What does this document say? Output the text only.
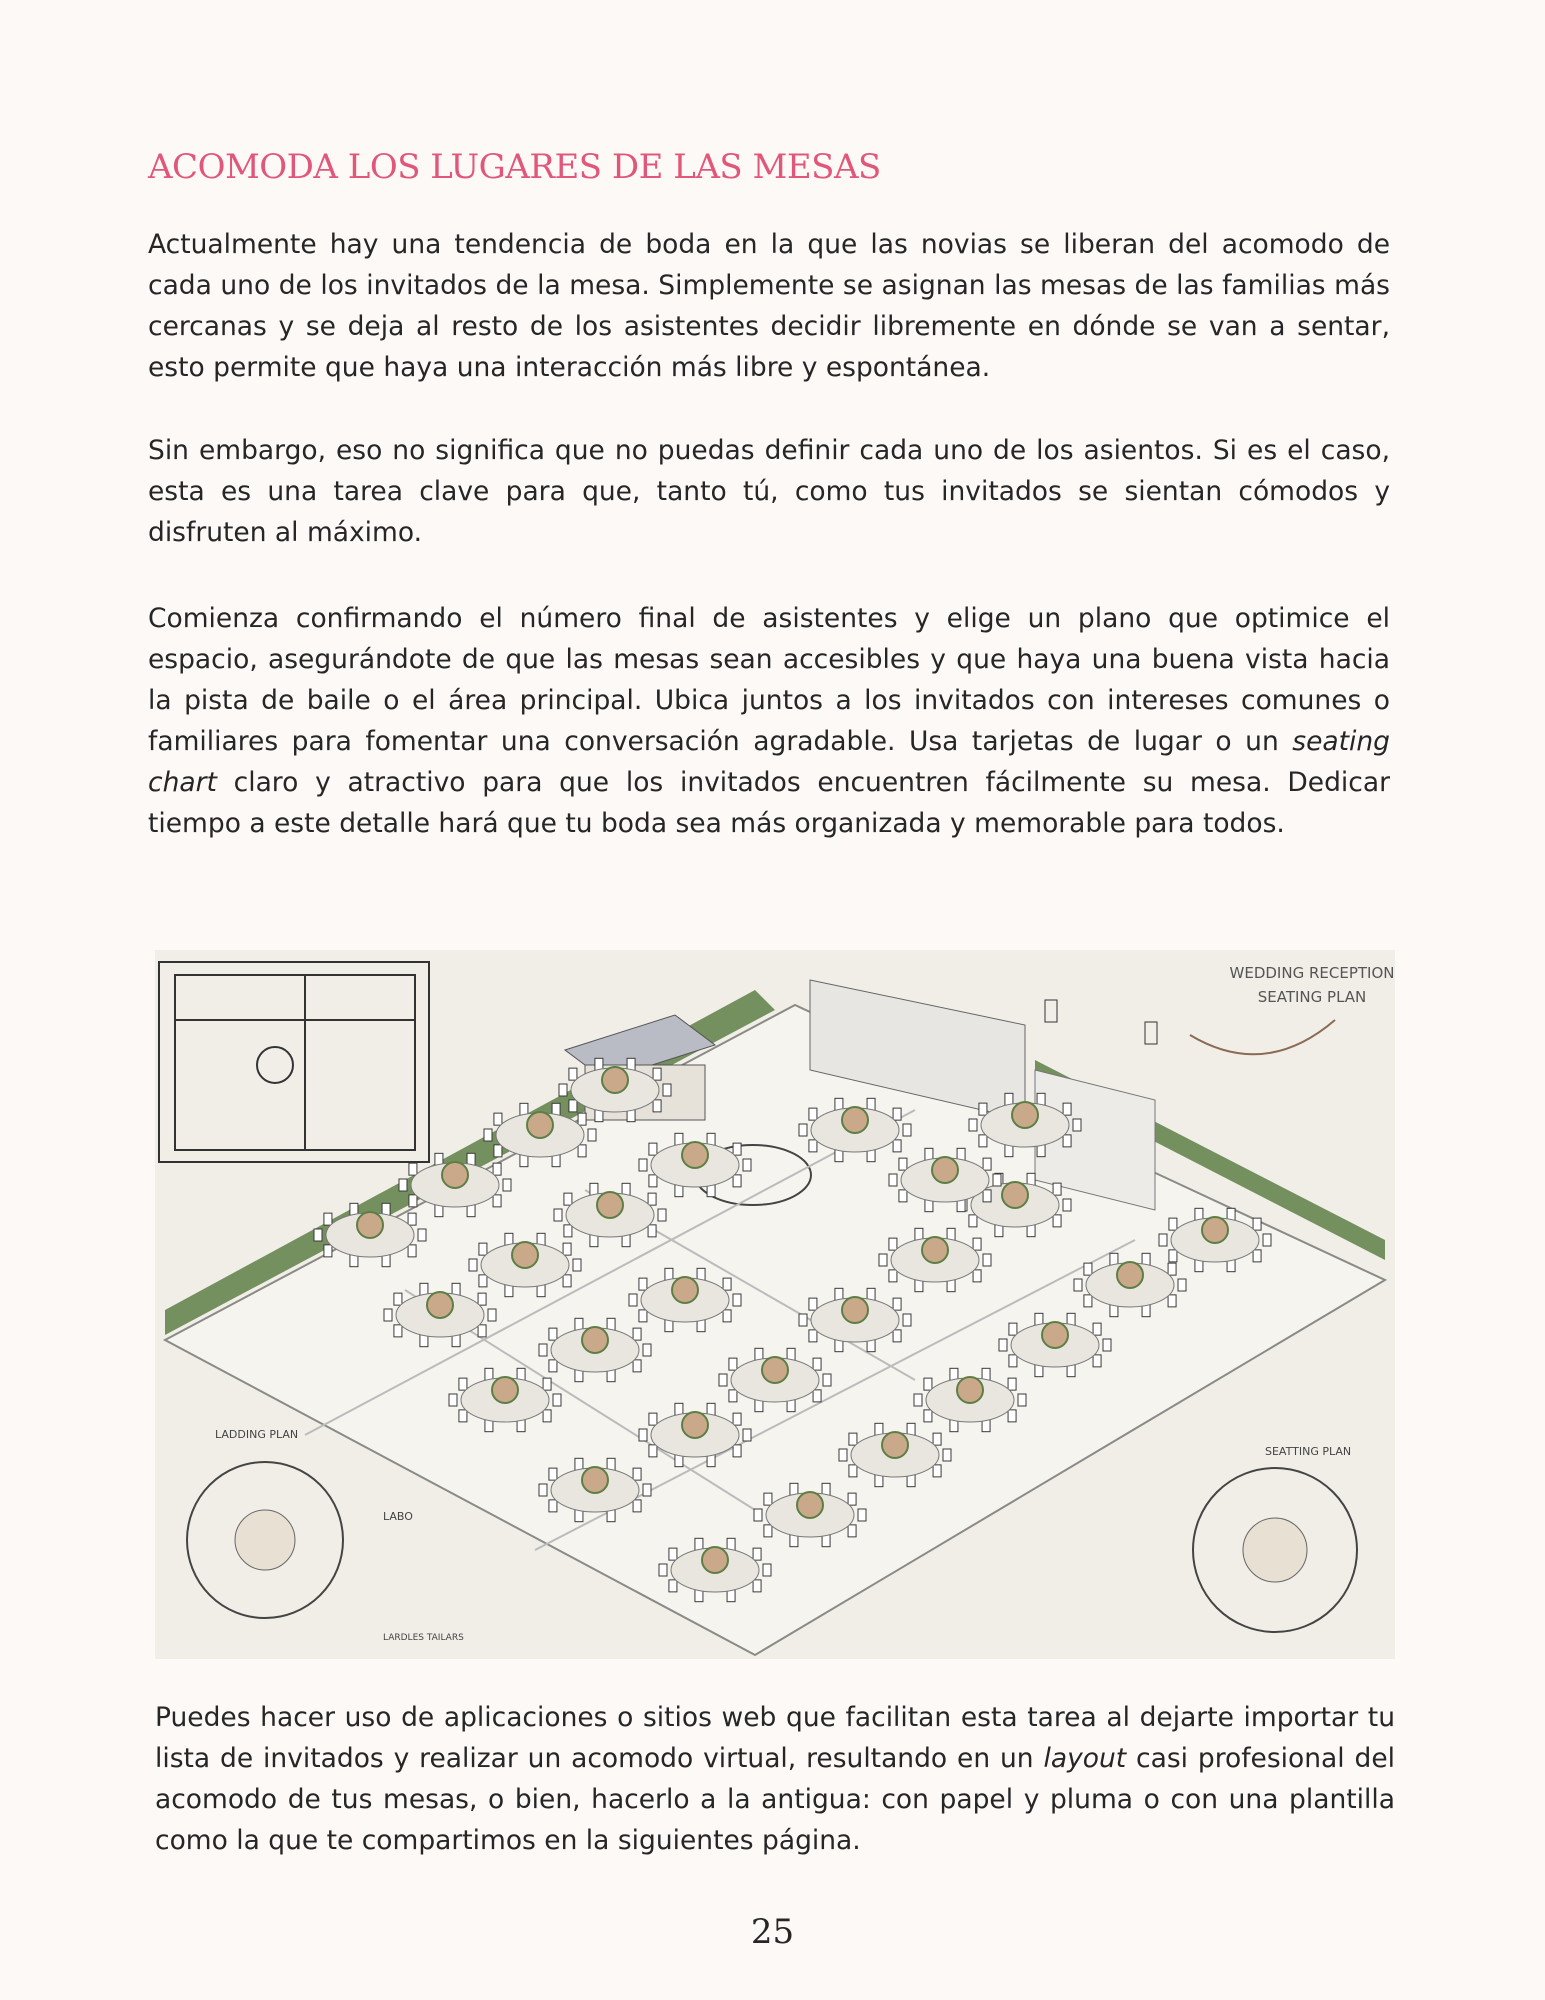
ACOMODA LOS LUGARES DE LAS MESAS

Actualmente hay una tendencia de boda en la que las novias se liberan del acomodo de cada uno de los invitados de la mesa. Simplemente se asignan las mesas de las familias más cercanas y se deja al resto de los asistentes decidir libremente en dónde se van a sentar, esto permite que haya una interacción más libre y espontánea.

Sin embargo, eso no significa que no puedas definir cada uno de los asientos. Si es el caso, esta es una tarea clave para que, tanto tú, como tus invitados se sientan cómodos y disfruten al máximo.

Comienza confirmando el número final de asistentes y elige un plano que optimice el espacio, asegurándote de que las mesas sean accesibles y que haya una buena vista hacia la pista de baile o el área principal. Ubica juntos a los invitados con intereses comunes o familiares para fomentar una conversación agradable. Usa tarjetas de lugar o un seating chart claro y atractivo para que los invitados encuentren fácilmente su mesa. Dedicar tiempo a este detalle hará que tu boda sea más organizada y memorable para todos.

WEDDING RECEPTION
SEATING PLAN
LADDING PLAN
LABO
LARDLES TAILARS
SEATTING PLAN

Puedes hacer uso de aplicaciones o sitios web que facilitan esta tarea al dejarte importar tu lista de invitados y realizar un acomodo virtual, resultando en un layout casi profesional del acomodo de tus mesas, o bien, hacerlo a la antigua: con papel y pluma o con una plantilla como la que te compartimos en la siguientes página.

25
